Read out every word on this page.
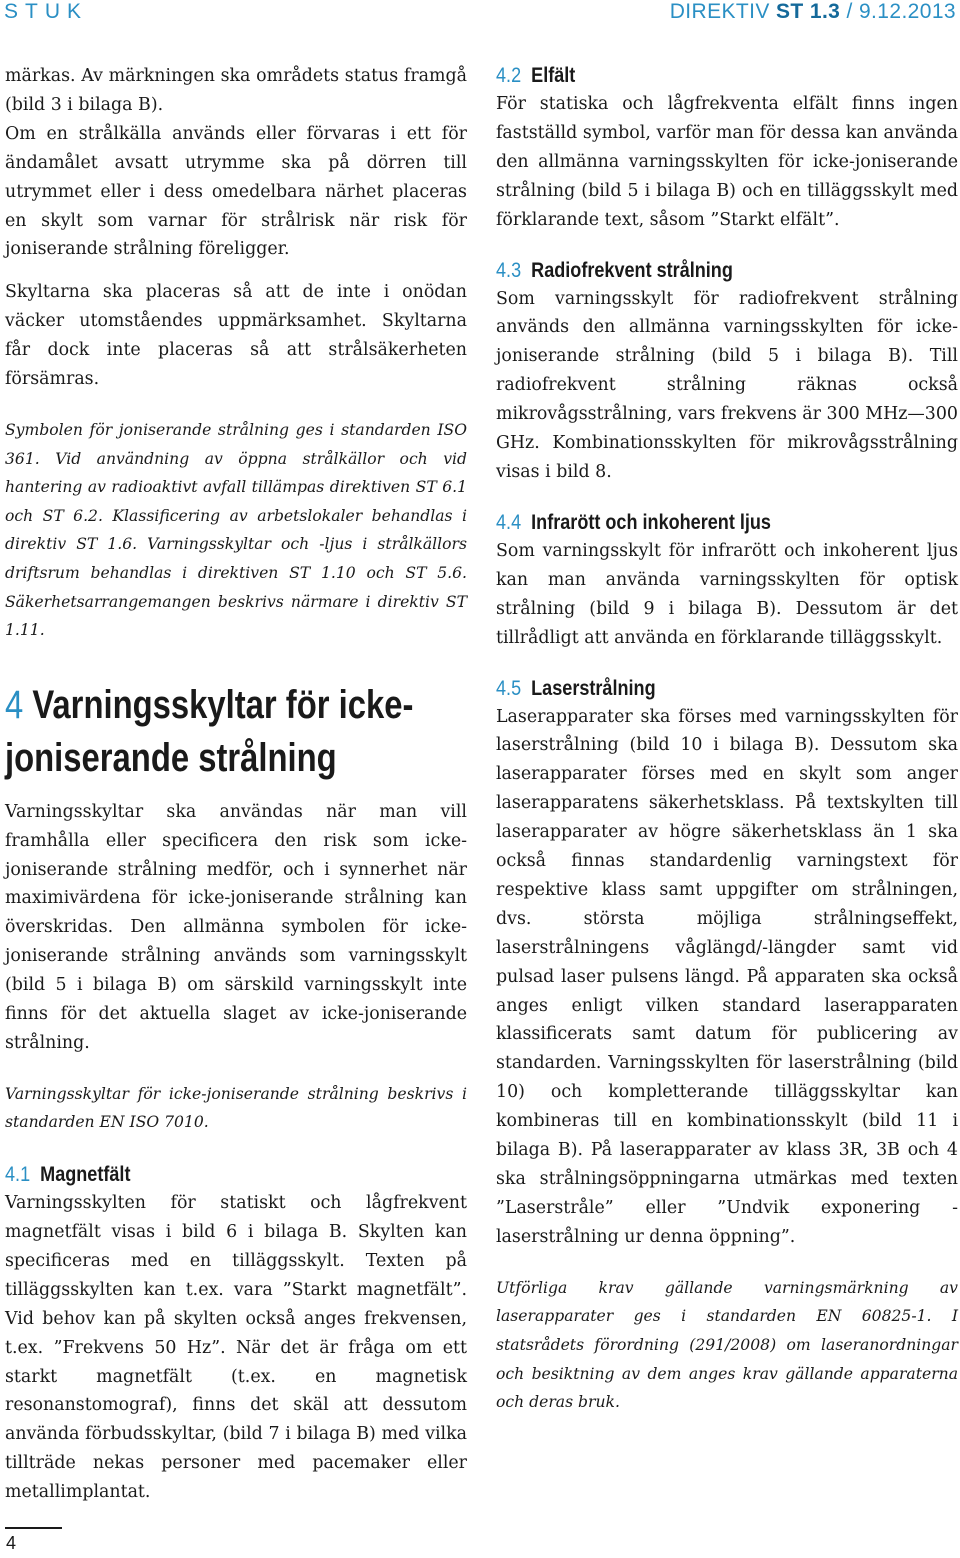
STUK	DIREKTIV ST 1.3 / 9.12.2013

märkas. Av märkningen ska områdets status framgå (bild 3 i bilaga B).

Om en strålkälla används eller förvaras i ett för ändamålet avsatt utrymme ska på dörren till utrymmet eller i dess omedelbara närhet placeras en skylt som varnar för strålrisk när risk för joniserande strålning föreligger.

Skyltarna ska placeras så att de inte i onödan väcker utomståendes uppmärksamhet. Skyltarna får dock inte placeras så att strålsäkerheten försämras.

Symbolen för joniserande strålning ges i standarden ISO 361. Vid användning av öppna strålkällor och vid hantering av radioaktivt avfall tillämpas direktiven ST 6.1 och ST 6.2. Klassificering av arbetslokaler behandlas i direktiv ST 1.6. Varningsskyltar och -ljus i strålkällors driftsrum behandlas i direktiven ST 1.10 och ST 5.6. Säkerhetsarrangemangen beskrivs närmare i direktiv ST 1.11.

4 Varningsskyltar för icke-

joniserande strålning

Varningsskyltar ska användas när man vill framhålla eller specificera den risk som icke-joniserande strålning medför, och i synnerhet när maximivärdena för icke-joniserande strålning kan överskridas. Den allmänna symbolen för icke-joniserande strålning används som varningsskylt (bild 5 i bilaga B) om särskild varningsskylt inte finns för det aktuella slaget av icke-joniserande strålning.

Varningsskyltar för icke-joniserande strålning beskrivs i standarden EN ISO 7010.

4.1 Magnetfält

Varningsskylten för statiskt och lågfrekvent magnetfält visas i bild 6 i bilaga B. Skylten kan specificeras med en tilläggsskylt. Texten på tilläggsskylten kan t.ex. vara ”Starkt magnetfält”. Vid behov kan på skylten också anges frekvensen, t.ex. ”Frekvens 50 Hz”. När det är fråga om ett starkt magnetfält (t.ex. en magnetisk resonanstomograf), finns det skäl att dessutom använda förbudsskyltar, (bild 7 i bilaga B) med vilka tillträde nekas personer med pacemaker eller metallimplantat.

4.2 Elfält

För statiska och lågfrekventa elfält finns ingen fastställd symbol, varför man för dessa kan använda den allmänna varningsskylten för icke-joniserande strålning (bild 5 i bilaga B) och en tilläggsskylt med förklarande text, såsom ”Starkt elfält”.

4.3 Radiofrekvent strålning

Som varningsskylt för radiofrekvent strålning används den allmänna varningsskylten för icke-joniserande strålning (bild 5 i bilaga B). Till radiofrekvent strålning räknas också mikrovågsstrålning, vars frekvens är 300 MHz—300 GHz. Kombinationsskylten för mikrovågsstrålning visas i bild 8.

4.4 Infrarött och inkoherent ljus

Som varningsskylt för infrarött och inkoherent ljus kan man använda varningsskylten för optisk strålning (bild 9 i bilaga B). Dessutom är det tillrådligt att använda en förklarande tilläggsskylt.

4.5 Laserstrålning

Laserapparater ska förses med varningsskylten för laserstrålning (bild 10 i bilaga B). Dessutom ska laserapparater förses med en skylt som anger laserapparatens säkerhetsklass. På textskylten till laserapparater av högre säkerhetsklass än 1 ska också finnas standardenlig varningstext för respektive klass samt uppgifter om strålningen, dvs. största möjliga strålningseffekt, laserstrålningens våglängd/-längder samt vid pulsad laser pulsens längd. På apparaten ska också anges enligt vilken standard laserapparaten klassificerats samt datum för publicering av standarden. Varningsskylten för laserstrålning (bild 10) och kompletterande tilläggsskyltar kan kombineras till en kombinationsskylt (bild 11 i bilaga B). På laserapparater av klass 3R, 3B och 4 ska strålningsöppningarna utmärkas med texten ”Laserstråle” eller ”Undvik exponering -laserstrålning ur denna öppning”.

Utförliga krav gällande varningsmärkning av laserapparater ges i standarden EN 60825-1. I statsrådets förordning (291/2008) om laseranordningar och besiktning av dem anges krav gällande apparaterna och deras bruk.

4
